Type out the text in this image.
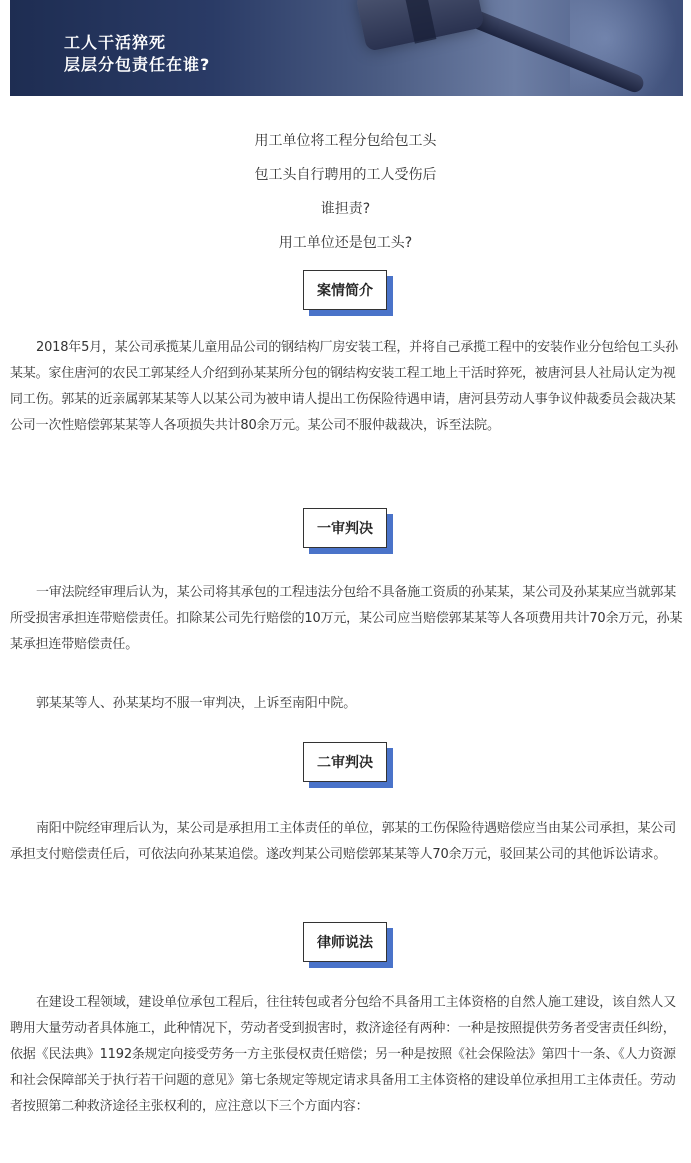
工人干活猝死
层层分包责任在谁?
用工单位将工程分包给包工头
包工头自行聘用的工人受伤后
谁担责?
用工单位还是包工头?
案情简介

2018年5月，某公司承揽某儿童用品公司的钢结构厂房安装工程，并将自己承揽工程中的安装作业分包给包工头孙某某。家住唐河的农民工郭某经人介绍到孙某某所分包的钢结构安装工程工地上干活时猝死，被唐河县人社局认定为视同工伤。郭某的近亲属郭某某等人以某公司为被申请人提出工伤保险待遇申请，唐河县劳动人事争议仲裁委员会裁决某公司一次性赔偿郭某某等人各项损失共计80余万元。某公司不服仲裁裁决，诉至法院。

一审判决

一审法院经审理后认为，某公司将其承包的工程违法分包给不具备施工资质的孙某某，某公司及孙某某应当就郭某所受损害承担连带赔偿责任。扣除某公司先行赔偿的10万元，某公司应当赔偿郭某某等人各项费用共计70余万元，孙某某承担连带赔偿责任。

郭某某等人、孙某某均不服一审判决，上诉至南阳中院。

二审判决

南阳中院经审理后认为，某公司是承担用工主体责任的单位，郭某的工伤保险待遇赔偿应当由某公司承担，某公司承担支付赔偿责任后，可依法向孙某某追偿。遂改判某公司赔偿郭某某等人70余万元，驳回某公司的其他诉讼请求。

律师说法

在建设工程领域，建设单位承包工程后，往往转包或者分包给不具备用工主体资格的自然人施工建设，该自然人又聘用大量劳动者具体施工，此种情况下，劳动者受到损害时，救济途径有两种：一种是按照提供劳务者受害责任纠纷，依据《民法典》1192条规定向接受劳务一方主张侵权责任赔偿；另一种是按照《社会保险法》第四十一条、《人力资源和社会保障部关于执行若干问题的意见》第七条规定等规定请求具备用工主体资格的建设单位承担用工主体责任。劳动者按照第二种救济途径主张权利的，应注意以下三个方面内容：
